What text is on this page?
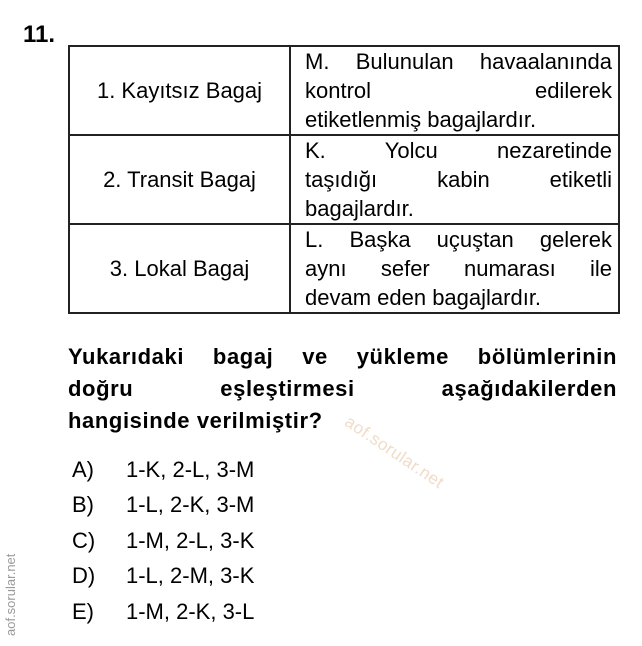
11.
1. Kayıtsız Bagaj	M. Bulunulan havaalanında
kontrol edilerek
etiketlenmiş bagajlardır.

2. Transit Bagaj	K. Yolcu nezaretinde
taşıdığı kabin etiketli
bagajlardır.

3. Lokal Bagaj	L. Başka uçuştan gelerek
aynı sefer numarası ile
devam eden bagajlardır.
Yukarıdaki bagaj ve yükleme bölümlerinin
doğru eşleştirmesi aşağıdakilerden
hangisinde verilmiştir?
A)	1-K, 2-L, 3-M
B)	1-L, 2-K, 3-M
C)	1-M, 2-L, 3-K
D)	1-L, 2-M, 3-K
E)	1-M, 2-K, 3-L
aof.sorular.net
aof.sorular.net
